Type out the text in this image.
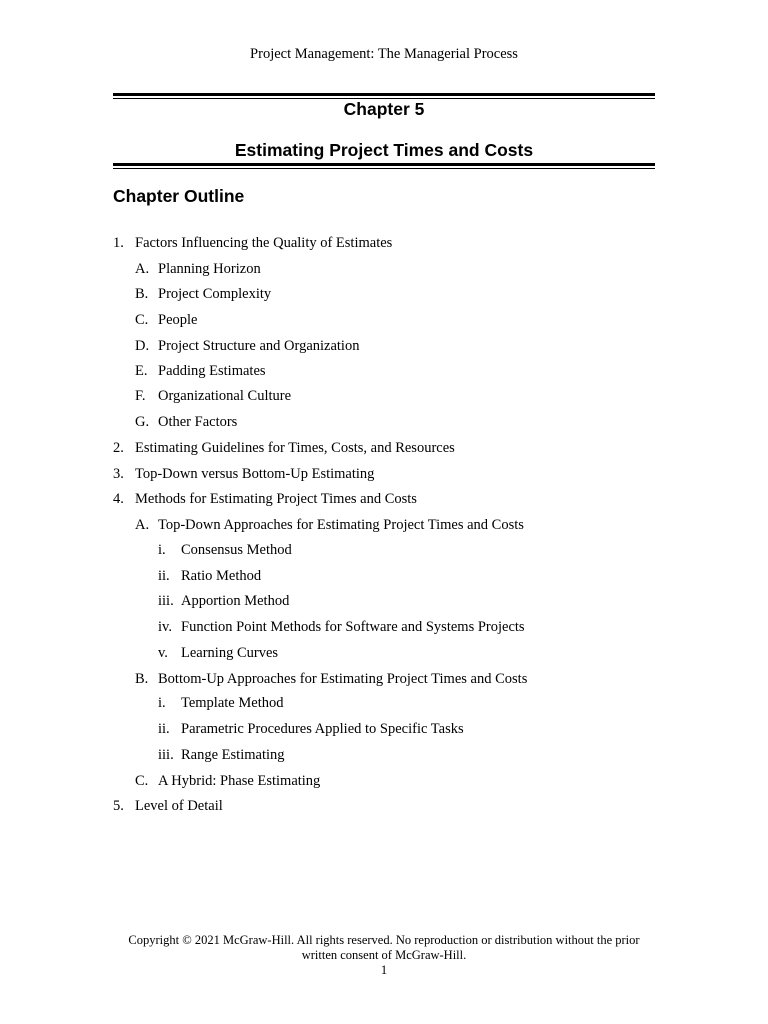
Project Management: The Managerial Process
Chapter 5
Estimating Project Times and Costs
Chapter Outline
1. Factors Influencing the Quality of Estimates
A. Planning Horizon
B. Project Complexity
C. People
D. Project Structure and Organization
E. Padding Estimates
F. Organizational Culture
G. Other Factors
2. Estimating Guidelines for Times, Costs, and Resources
3. Top-Down versus Bottom-Up Estimating
4. Methods for Estimating Project Times and Costs
A. Top-Down Approaches for Estimating Project Times and Costs
i. Consensus Method
ii. Ratio Method
iii. Apportion Method
iv. Function Point Methods for Software and Systems Projects
v. Learning Curves
B. Bottom-Up Approaches for Estimating Project Times and Costs
i. Template Method
ii. Parametric Procedures Applied to Specific Tasks
iii. Range Estimating
C. A Hybrid: Phase Estimating
5. Level of Detail
Copyright © 2021 McGraw-Hill. All rights reserved. No reproduction or distribution without the prior
written consent of McGraw-Hill.
1
